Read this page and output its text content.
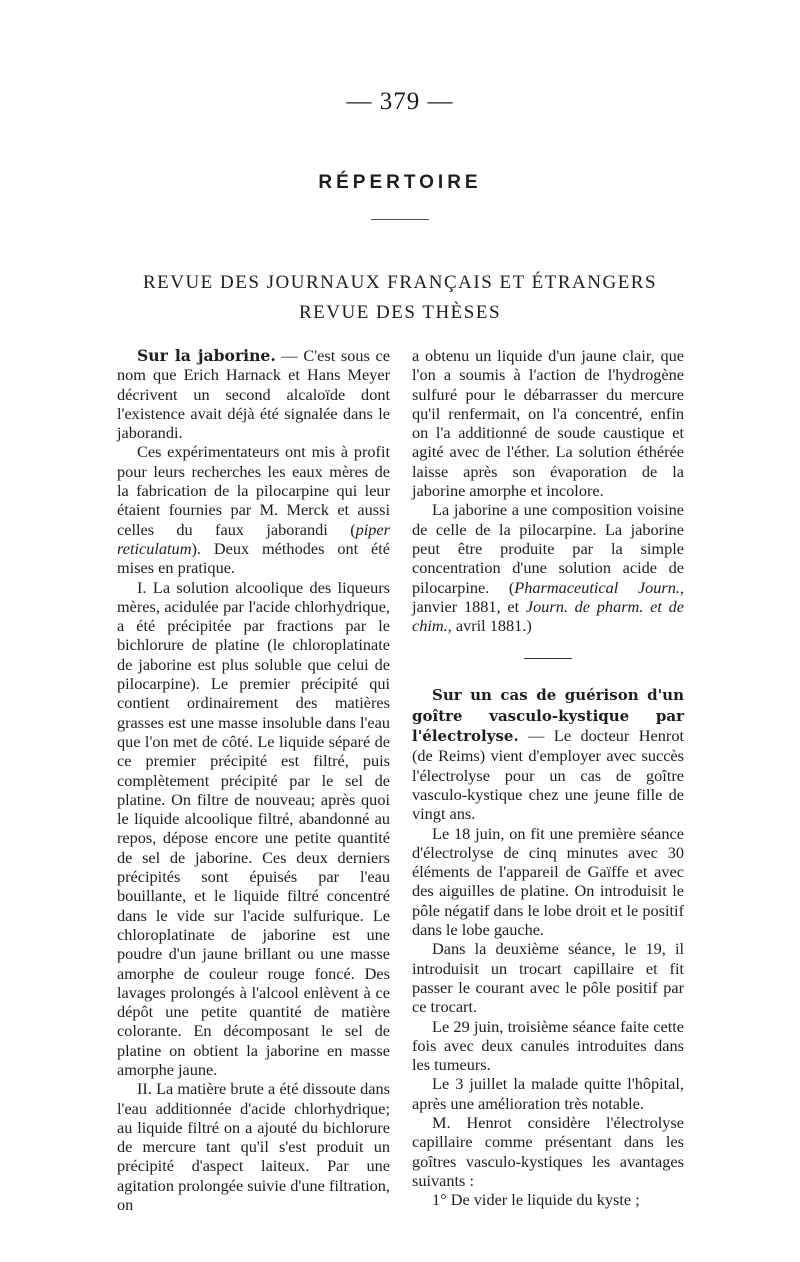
— 379 —
RÉPERTOIRE
REVUE DES JOURNAUX FRANÇAIS ET ÉTRANGERS
REVUE DES THÈSES

Sur la jaborine. — C'est sous ce nom que Erich Harnack et Hans Meyer décrivent un second alcaloïde dont l'existence avait déjà été signalée dans le jaborandi.

Ces expérimentateurs ont mis à profit pour leurs recherches les eaux mères de la fabrication de la pilocarpine qui leur étaient fournies par M. Merck et aussi celles du faux jaborandi (piper reticulatum). Deux méthodes ont été mises en pratique.

I. La solution alcoolique des liqueurs mères, acidulée par l'acide chlorhydrique, a été précipitée par fractions par le bichlorure de platine (le chloroplatinate de jaborine est plus soluble que celui de pilocarpine). Le premier précipité qui contient ordinairement des matières grasses est une masse insoluble dans l'eau que l'on met de côté. Le liquide séparé de ce premier précipité est filtré, puis complètement précipité par le sel de platine. On filtre de nouveau; après quoi le liquide alcoolique filtré, abandonné au repos, dépose encore une petite quantité de sel de jaborine. Ces deux derniers précipités sont épuisés par l'eau bouillante, et le liquide filtré concentré dans le vide sur l'acide sulfurique. Le chloroplatinate de jaborine est une poudre d'un jaune brillant ou une masse amorphe de couleur rouge foncé. Des lavages prolongés à l'alcool enlèvent à ce dépôt une petite quantité de matière colorante. En décomposant le sel de platine on obtient la jaborine en masse amorphe jaune.

II. La matière brute a été dissoute dans l'eau additionnée d'acide chlorhydrique; au liquide filtré on a ajouté du bichlorure de mercure tant qu'il s'est produit un précipité d'aspect laiteux. Par une agitation prolongée suivie d'une filtration, on

a obtenu un liquide d'un jaune clair, que l'on a soumis à l'action de l'hydrogène sulfuré pour le débarrasser du mercure qu'il renfermait, on l'a concentré, enfin on l'a additionné de soude caustique et agité avec de l'éther. La solution éthérée laisse après son évaporation de la jaborine amorphe et incolore.

La jaborine a une composition voisine de celle de la pilocarpine. La jaborine peut être produite par la simple concentration d'une solution acide de pilocarpine. (Pharmaceutical Journ., janvier 1881, et Journ. de pharm. et de chim., avril 1881.)

Sur un cas de guérison d'un goître vasculo-kystique par l'électrolyse. — Le docteur Henrot (de Reims) vient d'employer avec succès l'électrolyse pour un cas de goître vasculo-kystique chez une jeune fille de vingt ans.

Le 18 juin, on fit une première séance d'électrolyse de cinq minutes avec 30 éléments de l'appareil de Gaïffe et avec des aiguilles de platine. On introduisit le pôle négatif dans le lobe droit et le positif dans le lobe gauche.

Dans la deuxième séance, le 19, il introduisit un trocart capillaire et fit passer le courant avec le pôle positif par ce trocart.

Le 29 juin, troisième séance faite cette fois avec deux canules introduites dans les tumeurs.

Le 3 juillet la malade quitte l'hôpital, après une amélioration très notable.

M. Henrot considère l'électrolyse capillaire comme présentant dans les goîtres vasculo-kystiques les avantages suivants :

1° De vider le liquide du kyste ;
